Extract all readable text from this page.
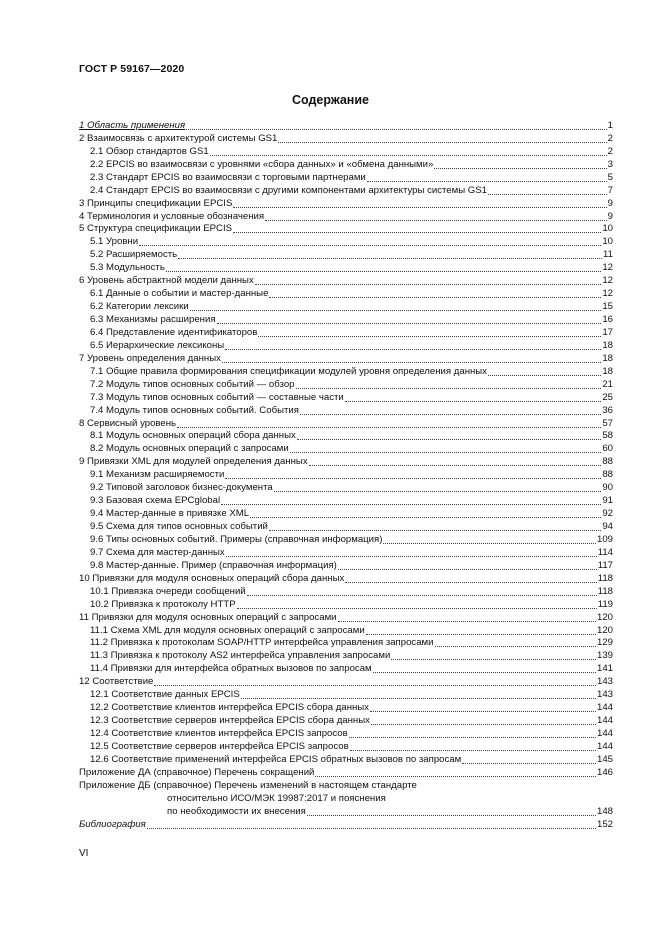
ГОСТ Р 59167—2020
Содержание
1 Область применения	1
2 Взаимосвязь с архитектурой системы GS1	2
2.1 Обзор стандартов GS1	2
2.2 EPCIS во взаимосвязи с уровнями «сбора данных» и «обмена данными»	3
2.3 Стандарт EPCIS во взаимосвязи с торговыми партнерами	5
2.4 Стандарт EPCIS во взаимосвязи с другими компонентами архитектуры системы GS1	7
3 Принципы спецификации EPCIS	9
4 Терминология и условные обозначения	9
5 Структура спецификации EPCIS	10
5.1 Уровни	10
5.2 Расширяемость	11
5.3 Модульность	12
6 Уровень абстрактной модели данных	12
6.1 Данные о событии и мастер-данные	12
6.2 Категории лексики	15
6.3 Механизмы расширения	16
6.4 Представление идентификаторов	17
6.5 Иерархические лексиконы	18
7 Уровень определения данных	18
7.1 Общие правила формирования спецификации модулей уровня определения данных	18
7.2 Модуль типов основных событий — обзор	21
7.3 Модуль типов основных событий — составные части	25
7.4 Модуль типов основных событий. События	36
8 Сервисный уровень	57
8.1 Модуль основных операций сбора данных	58
8.2 Модуль основных операций с запросами	60
9 Привязки XML для модулей определения данных	88
9.1 Механизм расширяемости	88
9.2 Типовой заголовок бизнес-документа	90
9.3 Базовая схема EPCglobal	91
9.4 Мастер-данные в привязке XML	92
9.5 Схема для типов основных событий	94
9.6 Типы основных событий. Примеры (справочная информация)	109
9.7 Схема для мастер-данных	114
9.8 Мастер-данные. Пример (справочная информация)	117
10 Привязки для модуля основных операций сбора данных	118
10.1 Привязка очереди сообщений	118
10.2 Привязка к протоколу HTTP	119
11 Привязки для модуля основных операций с запросами	120
11.1 Схема XML для модуля основных операций с запросами	120
11.2 Привязка к протоколам SOAP/HTTP интерфейса управления запросами	129
11.3 Привязка к протоколу AS2 интерфейса управления запросами	139
11.4 Привязки для интерфейса обратных вызовов по запросам	141
12 Соответствие	143
12.1 Соответствие данных EPCIS	143
12.2 Соответствие клиентов интерфейса EPCIS сбора данных	144
12.3 Соответствие серверов интерфейса EPCIS сбора данных	144
12.4 Соответствие клиентов интерфейса EPCIS запросов	144
12.5 Соответствие серверов интерфейса EPCIS запросов	144
12.6 Соответствие применений интерфейса EPCIS обратных вызовов по запросам	145
Приложение ДА (справочное) Перечень сокращений	146
Приложение ДБ (справочное) Перечень изменений в настоящем стандарте
относительно ИСО/МЭК 19987:2017 и пояснения
по необходимости их внесения	148
Библиография	152
VI
